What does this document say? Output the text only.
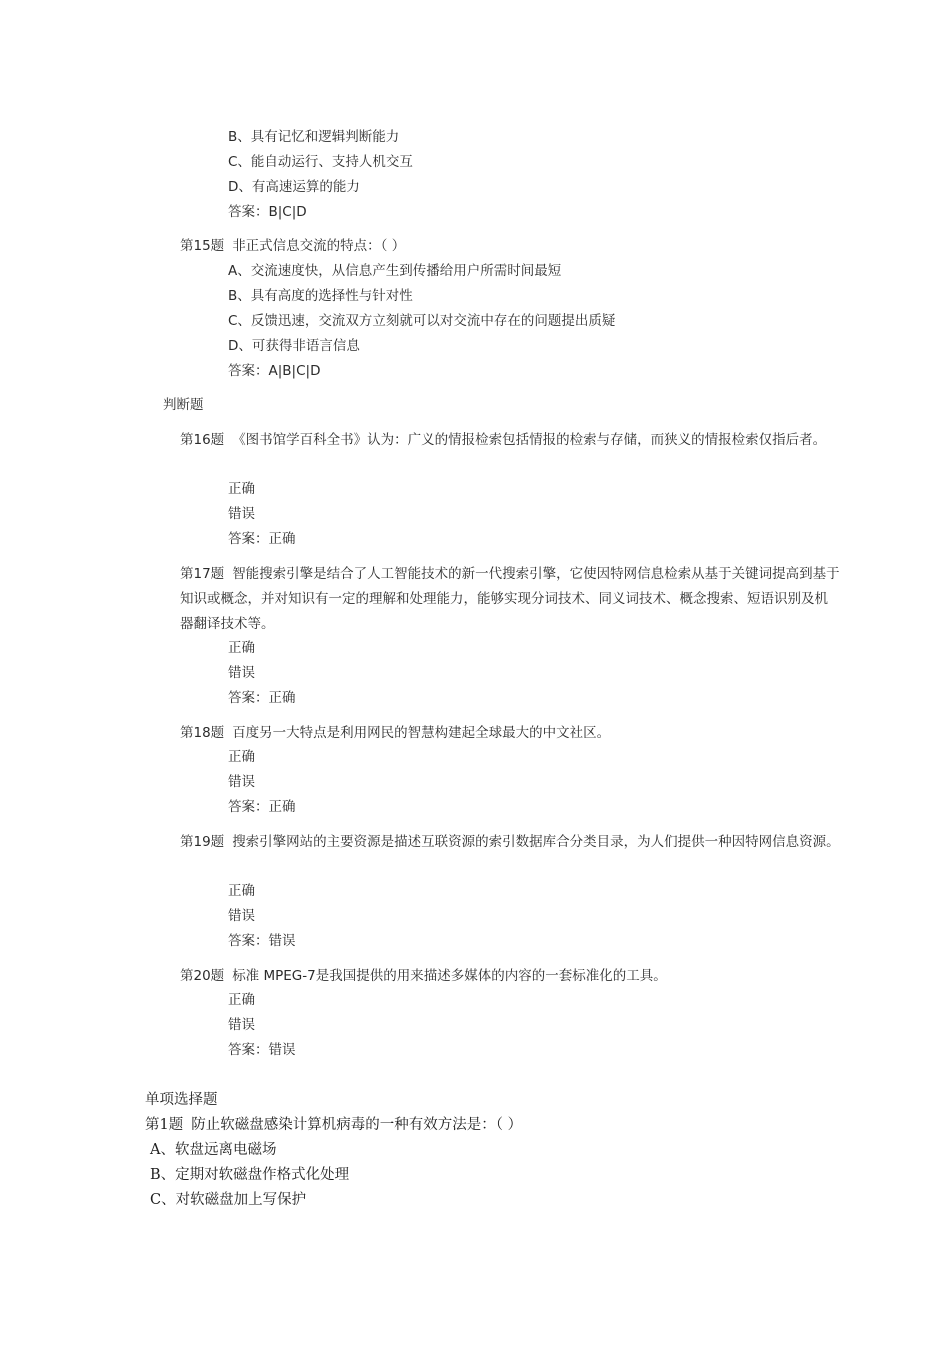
B、具有记忆和逻辑判断能力
C、能自动运行、支持人机交互
D、有高速运算的能力
答案：B|C|D
第15题 非正式信息交流的特点：（ ）
A、交流速度快，从信息产生到传播给用户所需时间最短
B、具有高度的选择性与针对性
C、反馈迅速，交流双方立刻就可以对交流中存在的问题提出质疑
D、可获得非语言信息
答案：A|B|C|D
判断题
第16题 《图书馆学百科全书》认为：广义的情报检索包括情报的检索与存储，而狭义的情报检索仅指后者。
正确
错误
答案：正确
第17题 智能搜索引擎是结合了人工智能技术的新一代搜索引擎，它使因特网信息检索从基于关键词提高到基于知识或概念，并对知识有一定的理解和处理能力，能够实现分词技术、同义词技术、概念搜索、短语识别及机器翻译技术等。
正确
错误
答案：正确
第18题 百度另一大特点是利用网民的智慧构建起全球最大的中文社区。
正确
错误
答案：正确
第19题 搜索引擎网站的主要资源是描述互联资源的索引数据库合分类目录，为人们提供一种因特网信息资源。
正确
错误
答案：错误
第20题 标准 MPEG-7是我国提供的用来描述多媒体的内容的一套标准化的工具。
正确
错误
答案：错误
单项选择题
第1题 防止软磁盘感染计算机病毒的一种有效方法是：（ ）
A、软盘远离电磁场
B、定期对软磁盘作格式化处理
C、对软磁盘加上写保护
